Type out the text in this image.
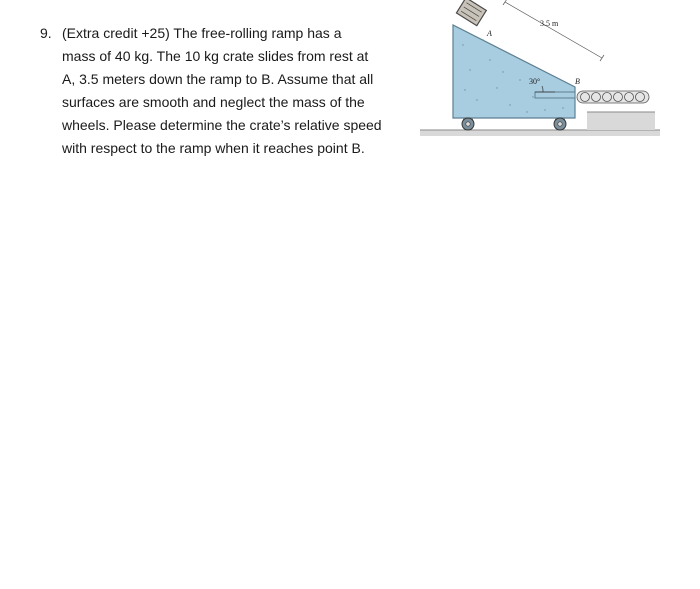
9. (Extra credit +25) The free-rolling ramp has a
mass of 40 kg. The 10 kg crate slides from rest at
A, 3.5 meters down the ramp to B. Assume that all
surfaces are smooth and neglect the mass of the
wheels. Please determine the crate’s relative speed
with respect to the ramp when it reaches point B.
30°
A
3.5 m
B
